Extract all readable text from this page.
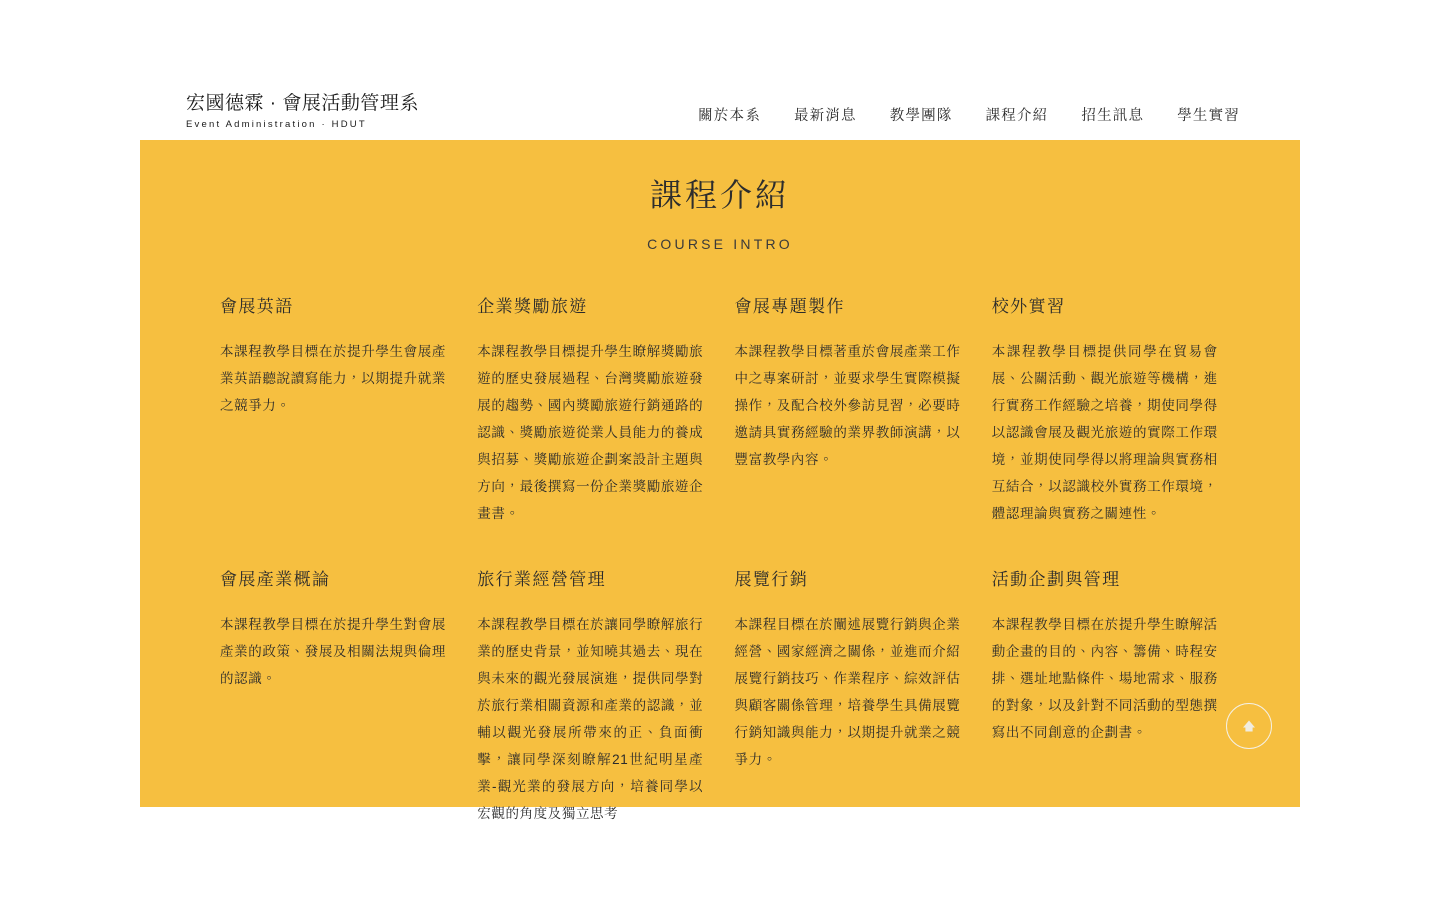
宏國德霖 · 會展活動管理系
Event Administration · HDUT
關於本系 最新消息 教學團隊 課程介紹 招生訊息 學生實習
課程介紹
COURSE INTRO
會展英語
本課程教學目標在於提升學生會展產業英語聽說讀寫能力，以期提升就業之競爭力。
企業獎勵旅遊
本課程教學目標提升學生瞭解獎勵旅遊的歷史發展過程、台灣獎勵旅遊發展的趨勢、國內獎勵旅遊行銷通路的認識、獎勵旅遊從業人員能力的養成與招募、獎勵旅遊企劃案設計主題與方向，最後撰寫一份企業獎勵旅遊企畫書。
會展專題製作
本課程教學目標著重於會展產業工作中之專案研討，並要求學生實際模擬操作，及配合校外參訪見習，必要時邀請具實務經驗的業界教師演講，以豐富教學內容。
校外實習
本課程教學目標提供同學在貿易會展、公關活動、觀光旅遊等機構，進行實務工作經驗之培養，期使同學得以認識會展及觀光旅遊的實際工作環境，並期使同學得以將理論與實務相互結合，以認識校外實務工作環境，體認理論與實務之關連性。
會展產業概論
本課程教學目標在於提升學生對會展產業的政策、發展及相關法規與倫理的認識。
旅行業經營管理
本課程教學目標在於讓同學瞭解旅行業的歷史背景，並知曉其過去、現在與未來的觀光發展演進，提供同學對於旅行業相關資源和產業的認識，並輔以觀光發展所帶來的正、負面衝擊，讓同學深刻瞭解21世紀明星產業-觀光業的發展方向，培養同學以宏觀的角度及獨立思考
展覽行銷
本課程目標在於闡述展覽行銷與企業經營、國家經濟之關係，並進而介紹展覽行銷技巧、作業程序、綜效評估與顧客關係管理，培養學生具備展覽行銷知識與能力，以期提升就業之競爭力。
活動企劃與管理
本課程教學目標在於提升學生瞭解活動企畫的目的、內容、籌備、時程安排、選址地點條件、場地需求、服務的對象，以及針對不同活動的型態撰寫出不同創意的企劃書。
